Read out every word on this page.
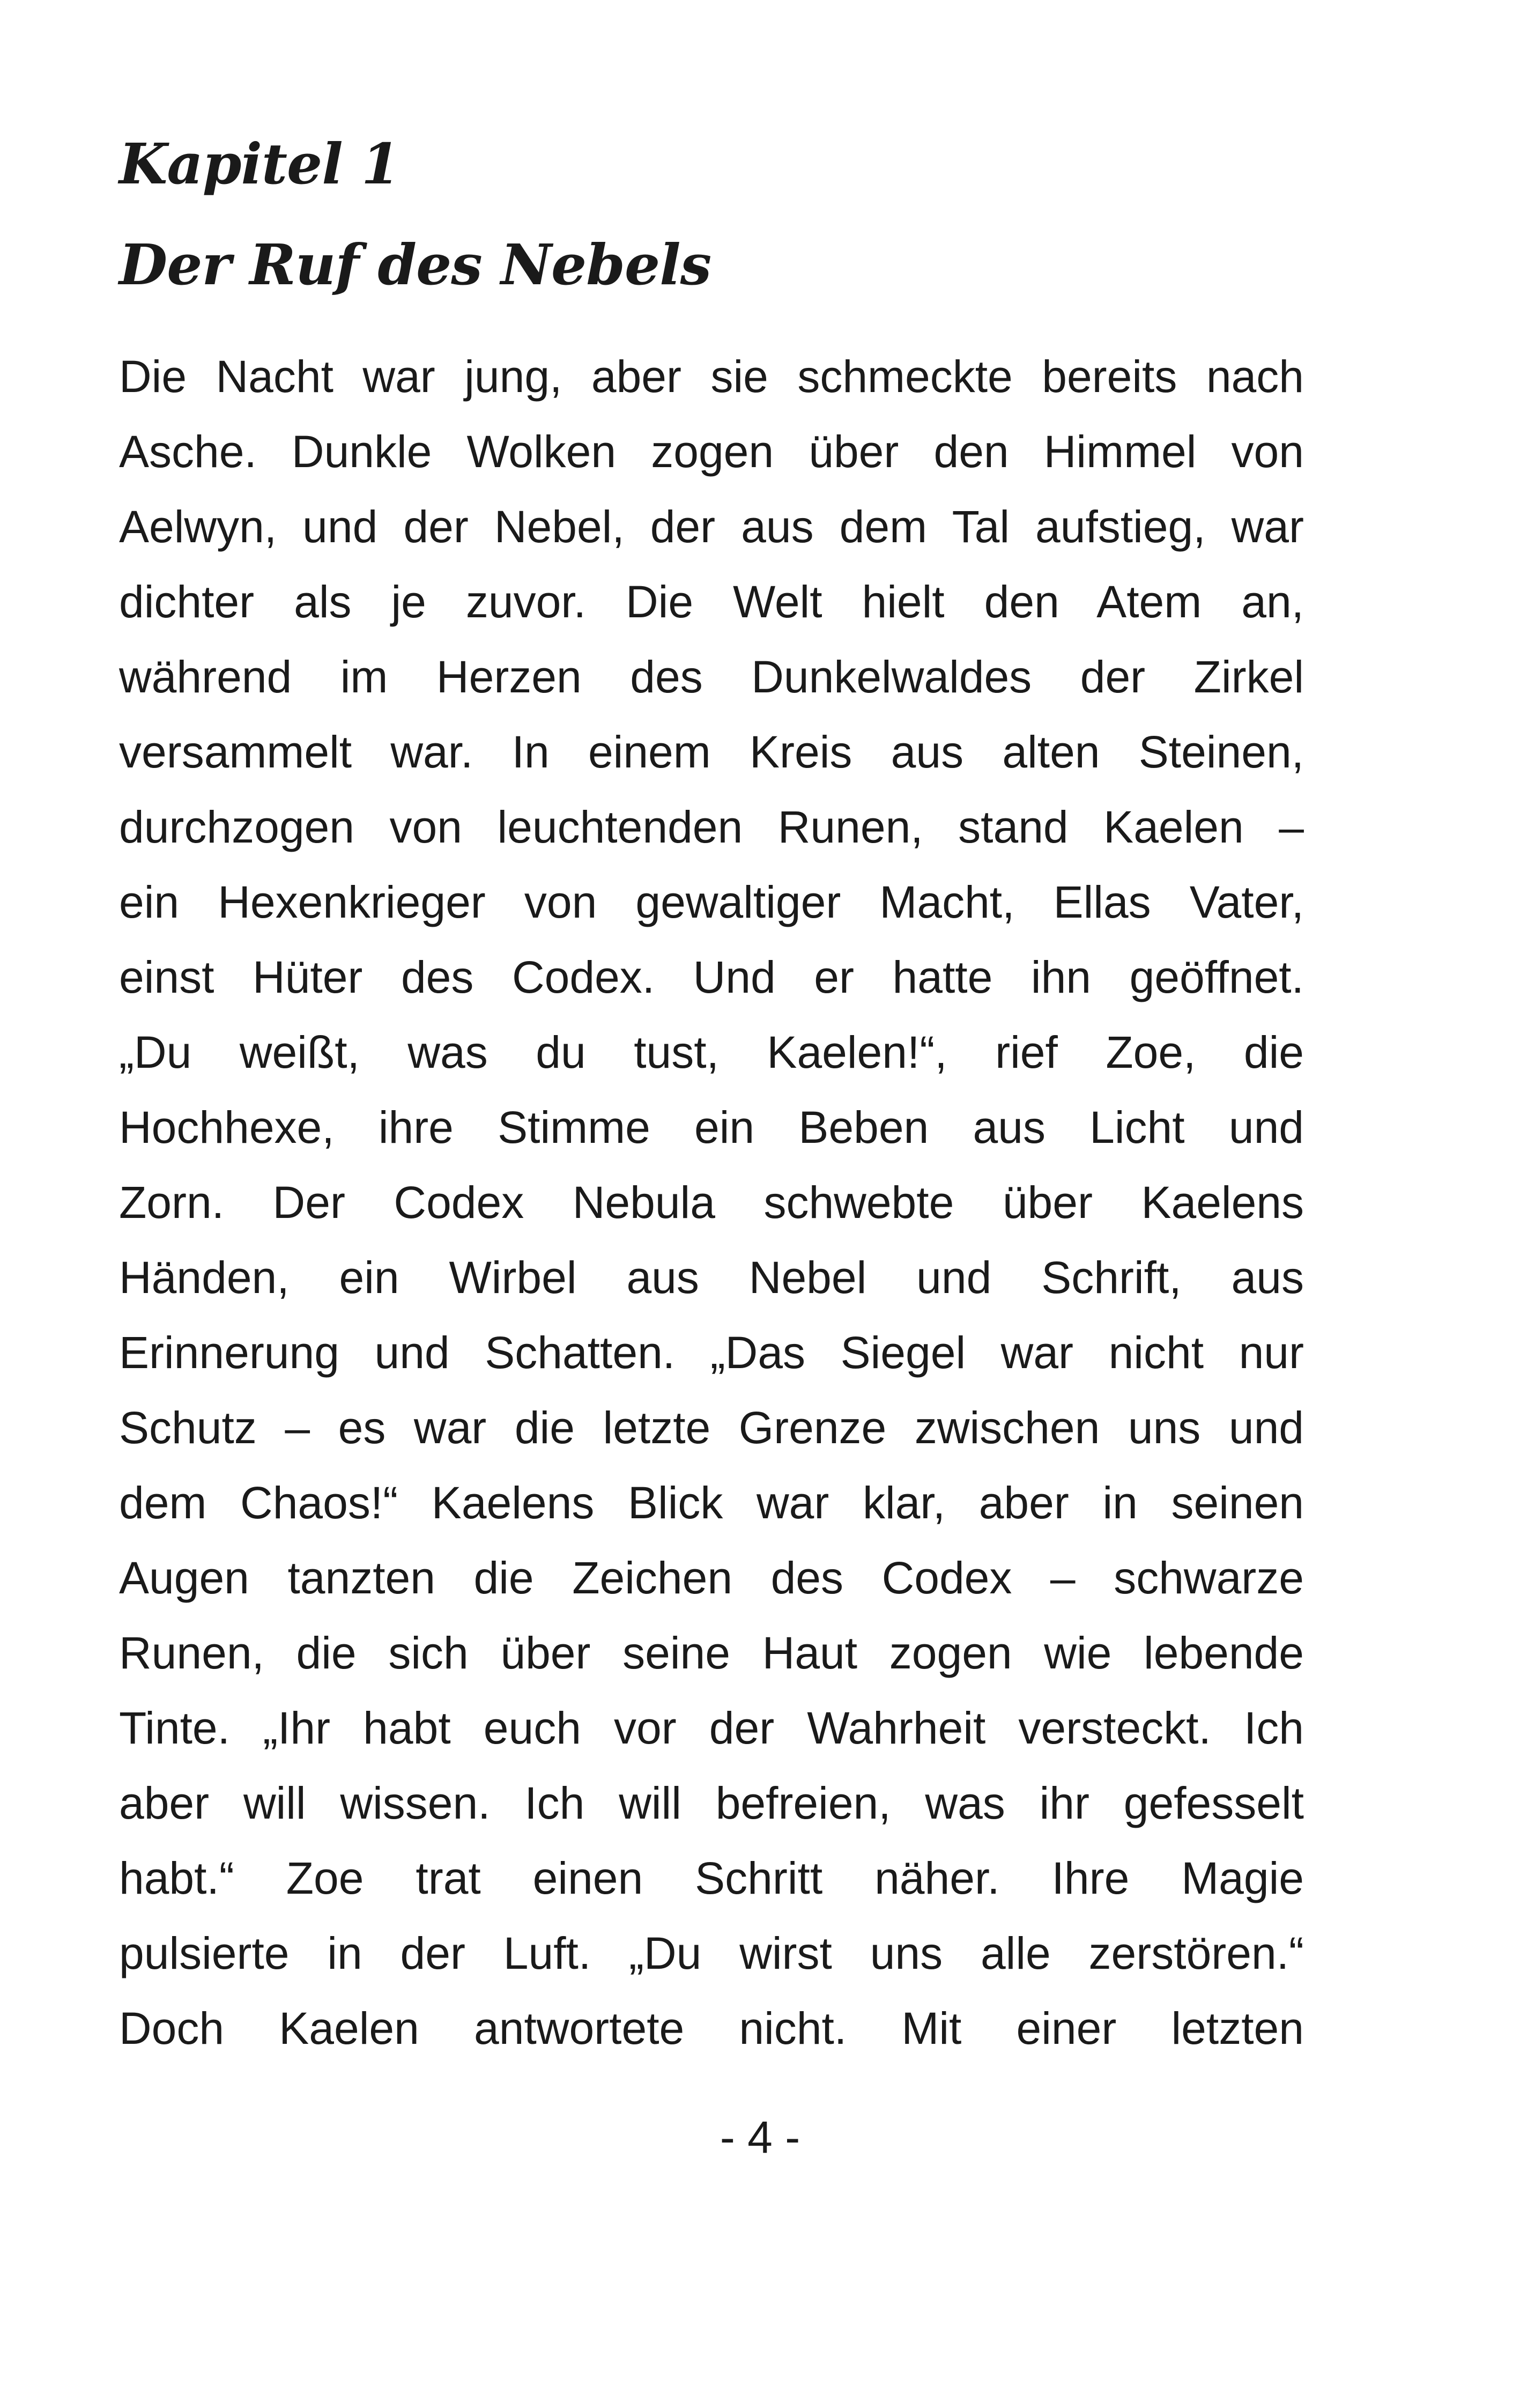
Kapitel 1
Der Ruf des Nebels
Die Nacht war jung, aber sie schmeckte bereits nach
Asche. Dunkle Wolken zogen über den Himmel von
Aelwyn, und der Nebel, der aus dem Tal aufstieg, war
dichter als je zuvor. Die Welt hielt den Atem an,
während im Herzen des Dunkelwaldes der Zirkel
versammelt war. In einem Kreis aus alten Steinen,
durchzogen von leuchtenden Runen, stand Kaelen –
ein Hexenkrieger von gewaltiger Macht, Ellas Vater,
einst Hüter des Codex. Und er hatte ihn geöffnet.
„Du weißt, was du tust, Kaelen!“, rief Zoe, die
Hochhexe, ihre Stimme ein Beben aus Licht und
Zorn. Der Codex Nebula schwebte über Kaelens
Händen, ein Wirbel aus Nebel und Schrift, aus
Erinnerung und Schatten. „Das Siegel war nicht nur
Schutz – es war die letzte Grenze zwischen uns und
dem Chaos!“ Kaelens Blick war klar, aber in seinen
Augen tanzten die Zeichen des Codex – schwarze
Runen, die sich über seine Haut zogen wie lebende
Tinte. „Ihr habt euch vor der Wahrheit versteckt. Ich
aber will wissen. Ich will befreien, was ihr gefesselt
habt.“ Zoe trat einen Schritt näher. Ihre Magie
pulsierte in der Luft. „Du wirst uns alle zerstören.“
Doch Kaelen antwortete nicht. Mit einer letzten
- 4 -
